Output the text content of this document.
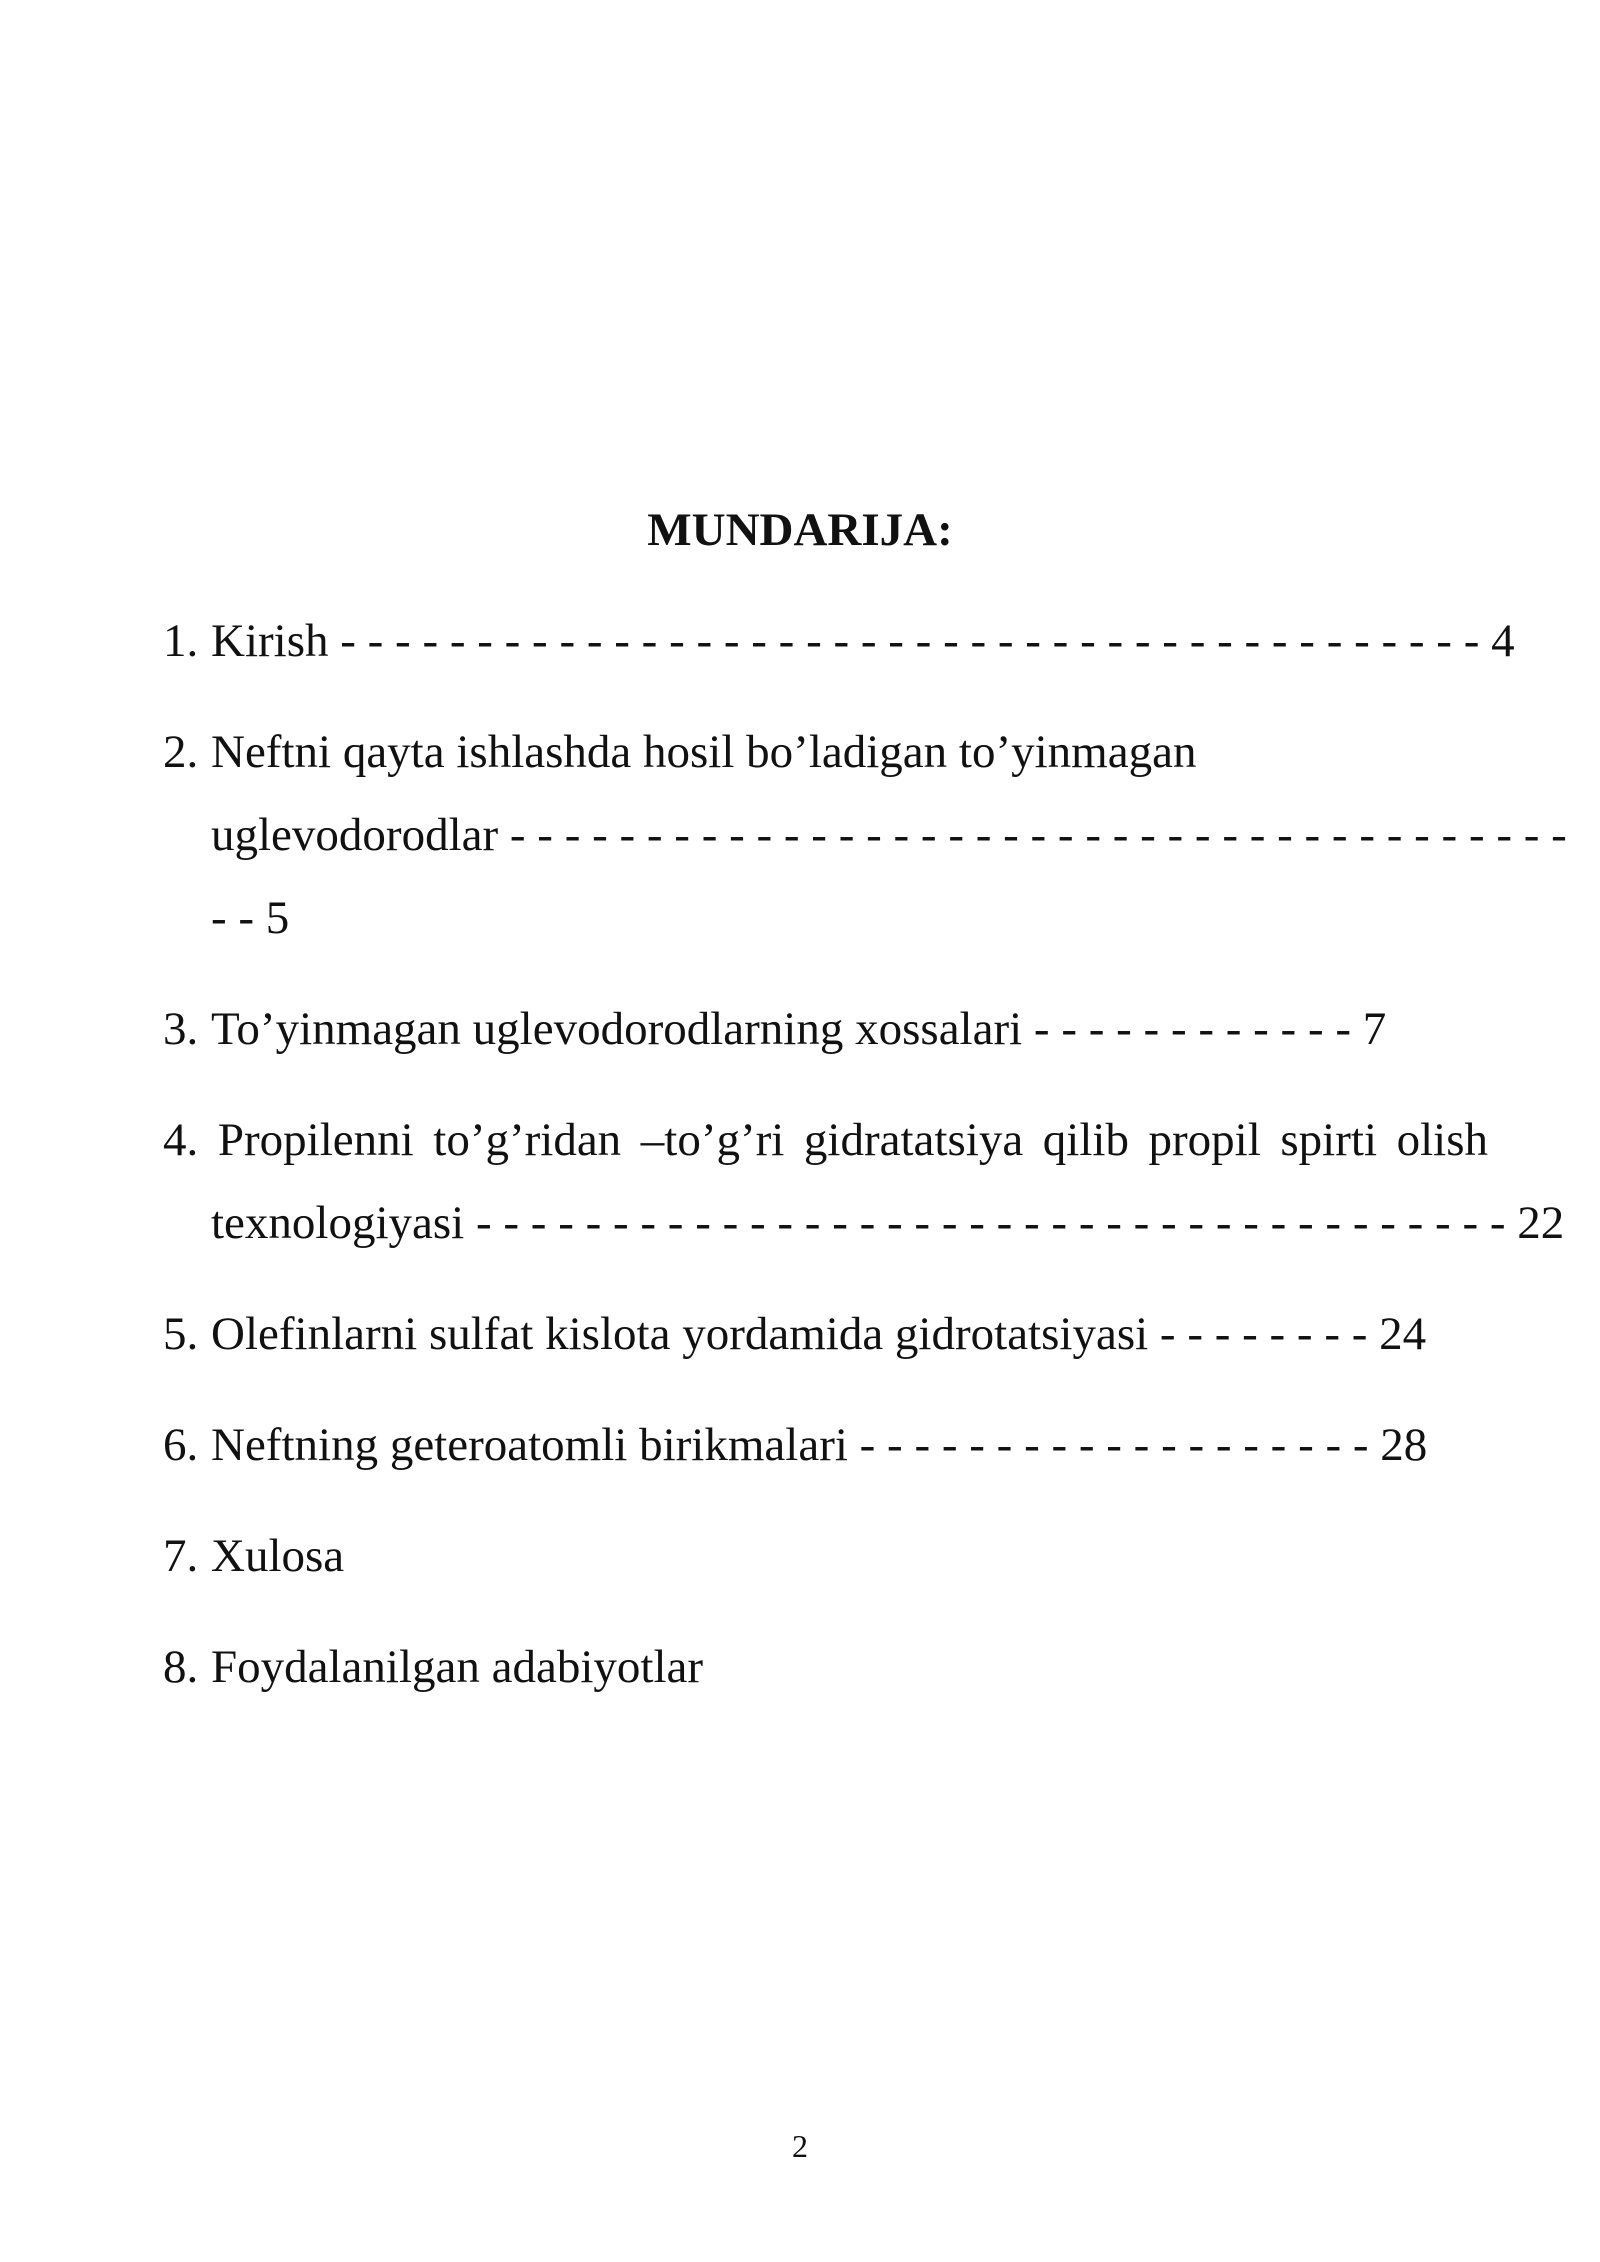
MUNDARIJA:
1. Kirish - - - - - - - - - - - - - - - - - - - - - - - - - - - - - - - - - - - - - - - - - - 4
2. Neftni qayta ishlashda hosil bo’ladigan to’yinmagan
uglevodorodlar - - - - - - - - - - - - - - - - - - - - - - - - - - - - - - - - - - - - - - -
- - 5
3. To’yinmagan uglevodorodlarning xossalari - - - - - - - - - - - - 7
4. Propilenni to’g’ridan –to’g’ri gidratatsiya qilib propil spirti olish
texnologiyasi - - - - - - - - - - - - - - - - - - - - - - - - - - - - - - - - - - - - - - 22
5. Olefinlarni sulfat kislota yordamida gidrotatsiyasi - - - - - - - - 24
6. Neftning geteroatomli birikmalari - - - - - - - - - - - - - - - - - - - 28
7. Xulosa
8. Foydalanilgan adabiyotlar
2
